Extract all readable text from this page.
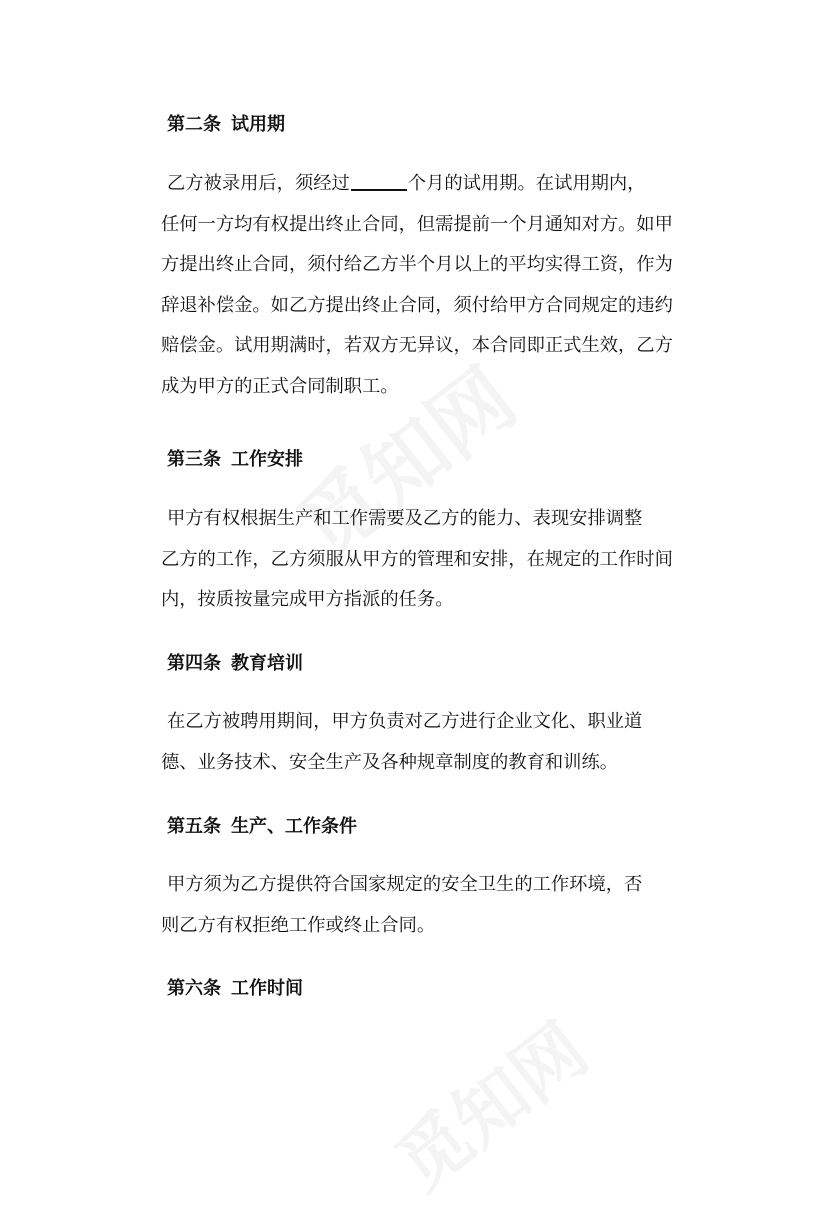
第二条 试用期
乙方被录用后，须经过	个月的试用期。在试用期内，
任何一方均有权提出终止合同，但需提前一个月通知对方。如甲
方提出终止合同，须付给乙方半个月以上的平均实得工资，作为
辞退补偿金。如乙方提出终止合同，须付给甲方合同规定的违约
赔偿金。试用期满时，若双方无异议，本合同即正式生效，乙方
成为甲方的正式合同制职工。
第三条 工作安排
甲方有权根据生产和工作需要及乙方的能力、表现安排调整
乙方的工作，乙方须服从甲方的管理和安排，在规定的工作时间
内，按质按量完成甲方指派的任务。
第四条 教育培训
在乙方被聘用期间，甲方负责对乙方进行企业文化、职业道
德、业务技术、安全生产及各种规章制度的教育和训练。
第五条 生产、工作条件
甲方须为乙方提供符合国家规定的安全卫生的工作环境，否
则乙方有权拒绝工作或终止合同。
第六条 工作时间
